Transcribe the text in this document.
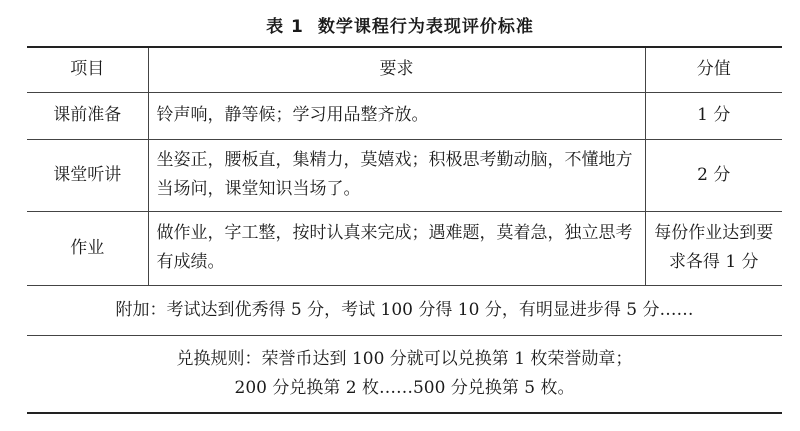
表 1 数学课程行为表现评价标准
项目	要求	分值
课前准备	铃声响，静等候；学习用品整齐放。	1 分
课堂听讲	坐姿正，腰板直，集精力，莫嬉戏；积极思考勤动脑，不懂地方当场问，课堂知识当场了。	2 分
作业	做作业，字工整，按时认真来完成；遇难题，莫着急，独立思考有成绩。	每份作业达到要求各得 1 分
附加：考试达到优秀得 5 分，考试 100 分得 10 分，有明显进步得 5 分……		

兑换规则：荣誉币达到 100 分就可以兑换第 1 枚荣誉勋章；
200 分兑换第 2 枚……500 分兑换第 5 枚。		
